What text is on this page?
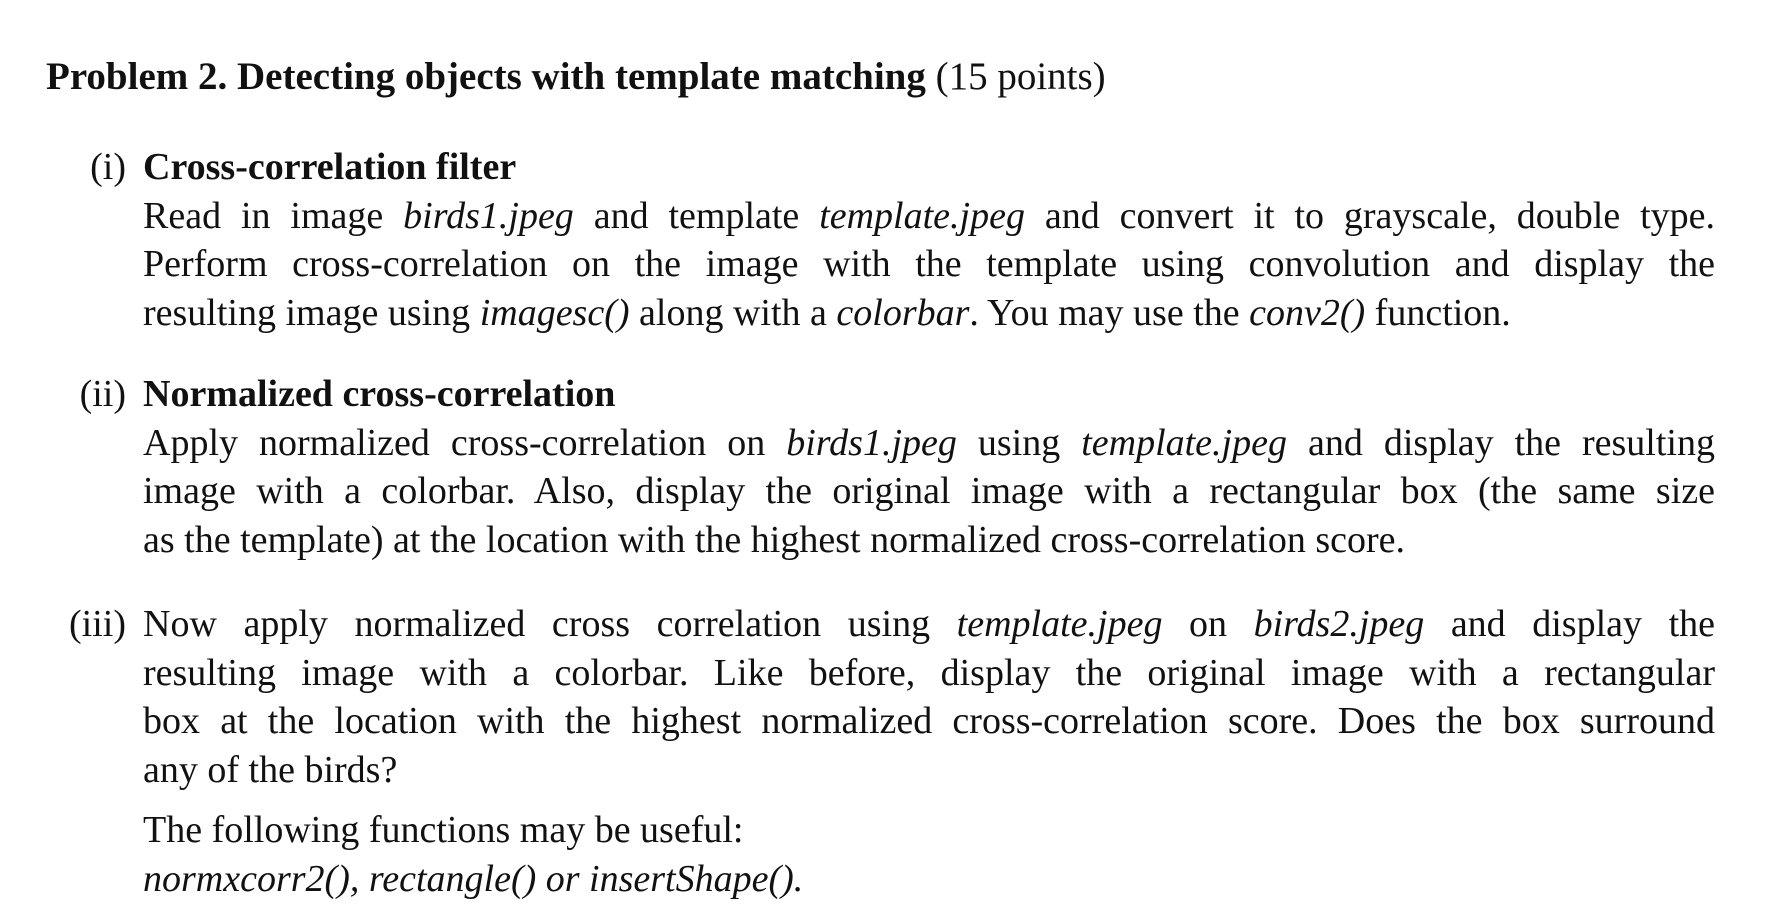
Problem 2. Detecting objects with template matching (15 points)
(i) Cross-correlation filter
Read in image birds1.jpeg and template template.jpeg and convert it to grayscale, double type.
Perform cross-correlation on the image with the template using convolution and display the
resulting image using imagesc() along with a colorbar. You may use the conv2() function.
(ii) Normalized cross-correlation
Apply normalized cross-correlation on birds1.jpeg using template.jpeg and display the resulting
image with a colorbar. Also, display the original image with a rectangular box (the same size
as the template) at the location with the highest normalized cross-correlation score.
(iii) Now apply normalized cross correlation using template.jpeg on birds2.jpeg and display the
resulting image with a colorbar. Like before, display the original image with a rectangular
box at the location with the highest normalized cross-correlation score. Does the box surround
any of the birds?
The following functions may be useful:
normxcorr2(), rectangle() or insertShape().
